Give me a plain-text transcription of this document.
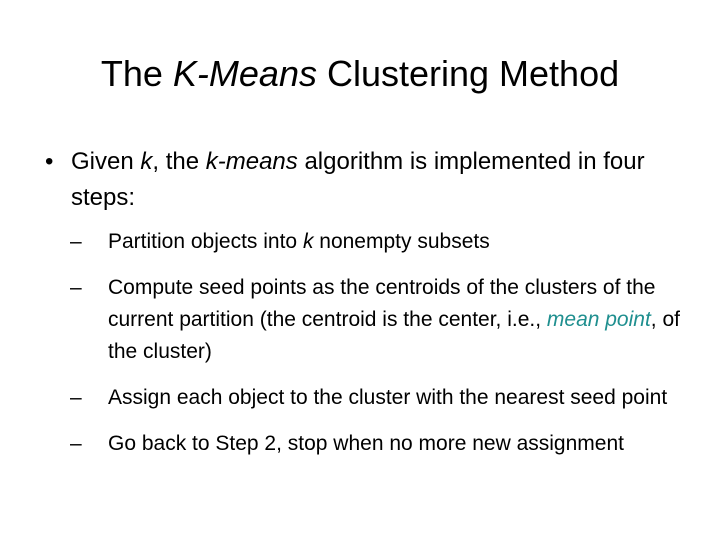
The K-Means Clustering Method
• Given k, the k-means algorithm is implemented in four steps:
– Partition objects into k nonempty subsets
– Compute seed points as the centroids of the clusters of the current partition (the centroid is the center, i.e., mean point, of the cluster)
– Assign each object to the cluster with the nearest seed point
– Go back to Step 2, stop when no more new assignment
